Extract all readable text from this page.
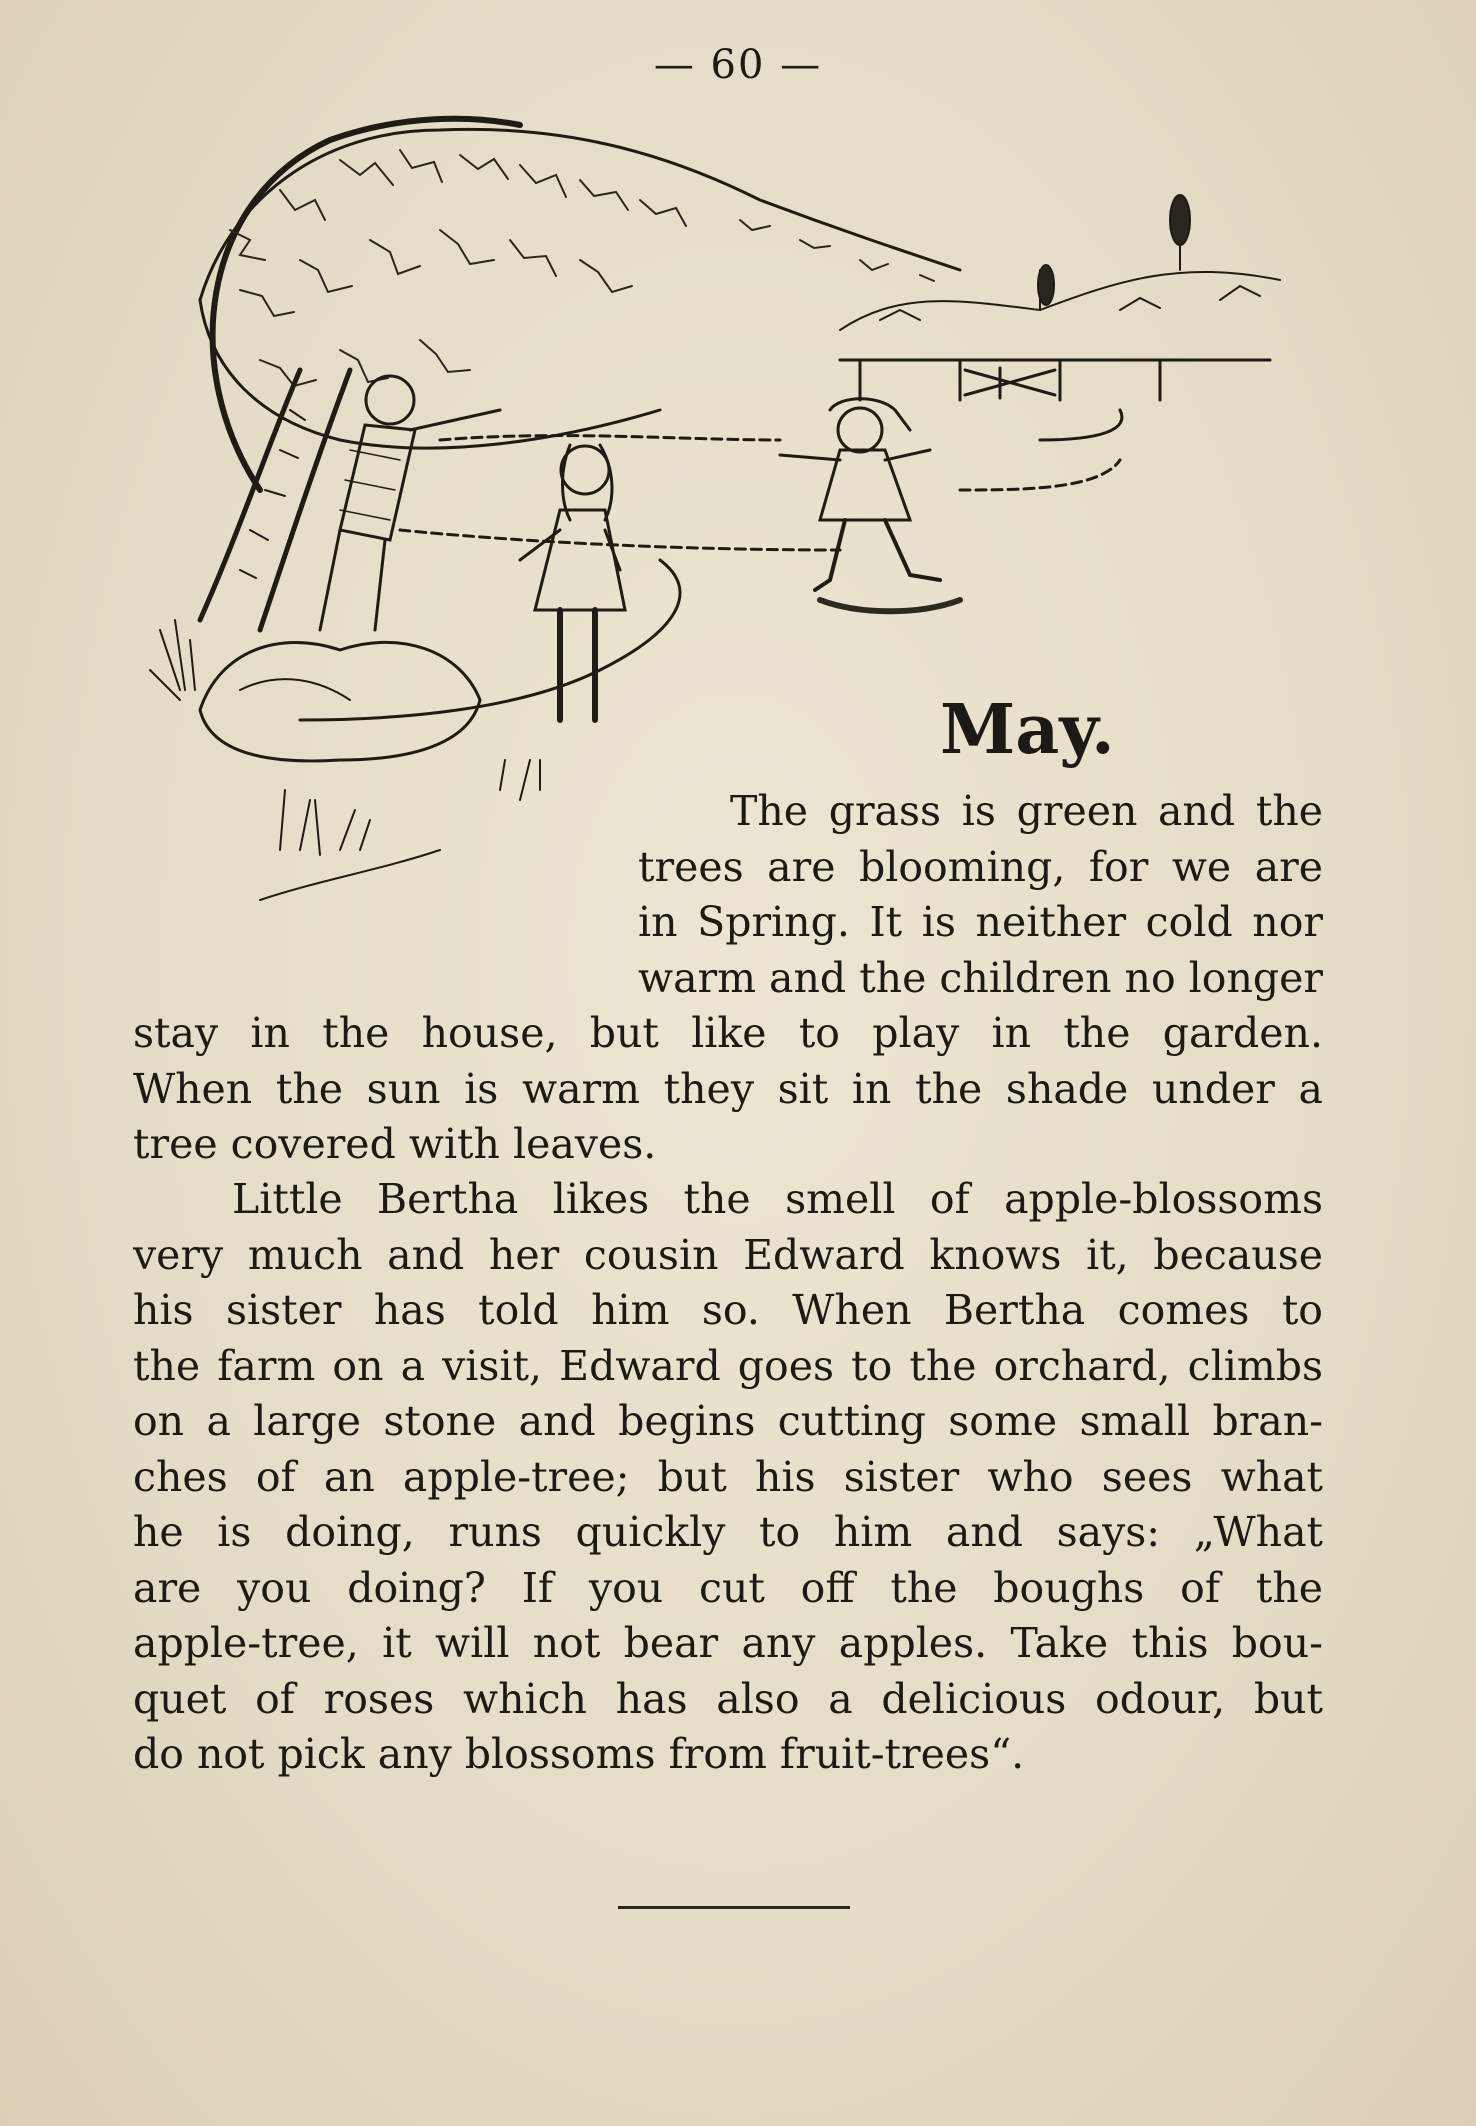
— 60 —
May.
The grass is green and the
trees are blooming, for we are
in Spring. It is neither cold nor
warm and the children no longer
stay in the house, but like to play in the garden.
When the sun is warm they sit in the shade under a
tree covered with leaves.
Little Bertha likes the smell of apple-blossoms
very much and her cousin Edward knows it, because
his sister has told him so. When Bertha comes to
the farm on a visit, Edward goes to the orchard, climbs
on a large stone and begins cutting some small bran-
ches of an apple-tree; but his sister who sees what
he is doing, runs quickly to him and says: „What
are you doing? If you cut off the boughs of the
apple-tree, it will not bear any apples. Take this bou-
quet of roses which has also a delicious odour, but
do not pick any blossoms from fruit-trees“.
